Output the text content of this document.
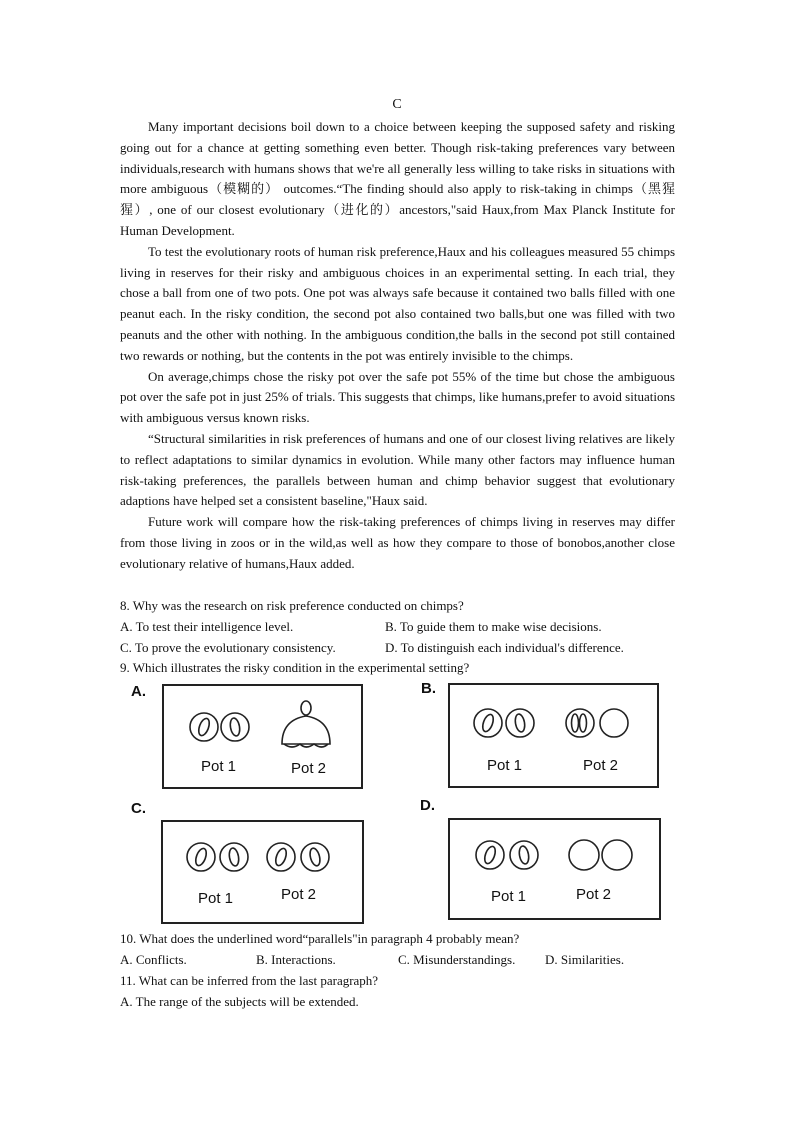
C

Many important decisions boil down to a choice between keeping the supposed safety and risking going out for a chance at getting something even better. Though risk-taking preferences vary between individuals,research with humans shows that we're all generally less willing to take risks in situations with more ambiguous（模糊的） outcomes.“The finding should also apply to risk-taking in chimps（黑猩猩）, one of our closest evolutionary（进化的）ancestors,"said Haux,from Max Planck Institute for Human Development.

To test the evolutionary roots of human risk preference,Haux and his colleagues measured 55 chimps living in reserves for their risky and ambiguous choices in an experimental setting. In each trial, they chose a ball from one of two pots. One pot was always safe because it contained two balls filled with one peanut each. In the risky condition, the second pot also contained two balls,but one was filled with two peanuts and the other with nothing. In the ambiguous condition,the balls in the second pot still contained two rewards or nothing, but the contents in the pot was entirely invisible to the chimps.

On average,chimps chose the risky pot over the safe pot 55% of the time but chose the ambiguous pot over the safe pot in just 25% of trials. This suggests that chimps, like humans,prefer to avoid situations with ambiguous versus known risks.

“Structural similarities in risk preferences of humans and one of our closest living relatives are likely to reflect adaptations to similar dynamics in evolution. While many other factors may influence human risk-taking preferences, the parallels between human and chimp behavior suggest that evolutionary adaptions have helped set a consistent baseline,"Haux said.

Future work will compare how the risk-taking preferences of chimps living in reserves may differ from those living in zoos or in the wild,as well as how they compare to those of bonobos,another close evolutionary relative of humans,Haux added.

8. Why was the research on risk preference conducted on chimps?
A. To test their intelligence level.	B. To guide them to make wise decisions.
C. To prove the evolutionary consistency.	D. To distinguish each individual's difference.
9. Which illustrates the risky condition in the experimental setting?
A.
Pot 1	Pot 2
B.
Pot 1	Pot 2
C.
Pot 1	Pot 2
D.
Pot 1	Pot 2
10. What does the underlined word“parallels"in paragraph 4 probably mean?
A. Conflicts.	B. Interactions.	C. Misunderstandings.	D. Similarities.
11. What can be inferred from the last paragraph?
A. The range of the subjects will be extended.
